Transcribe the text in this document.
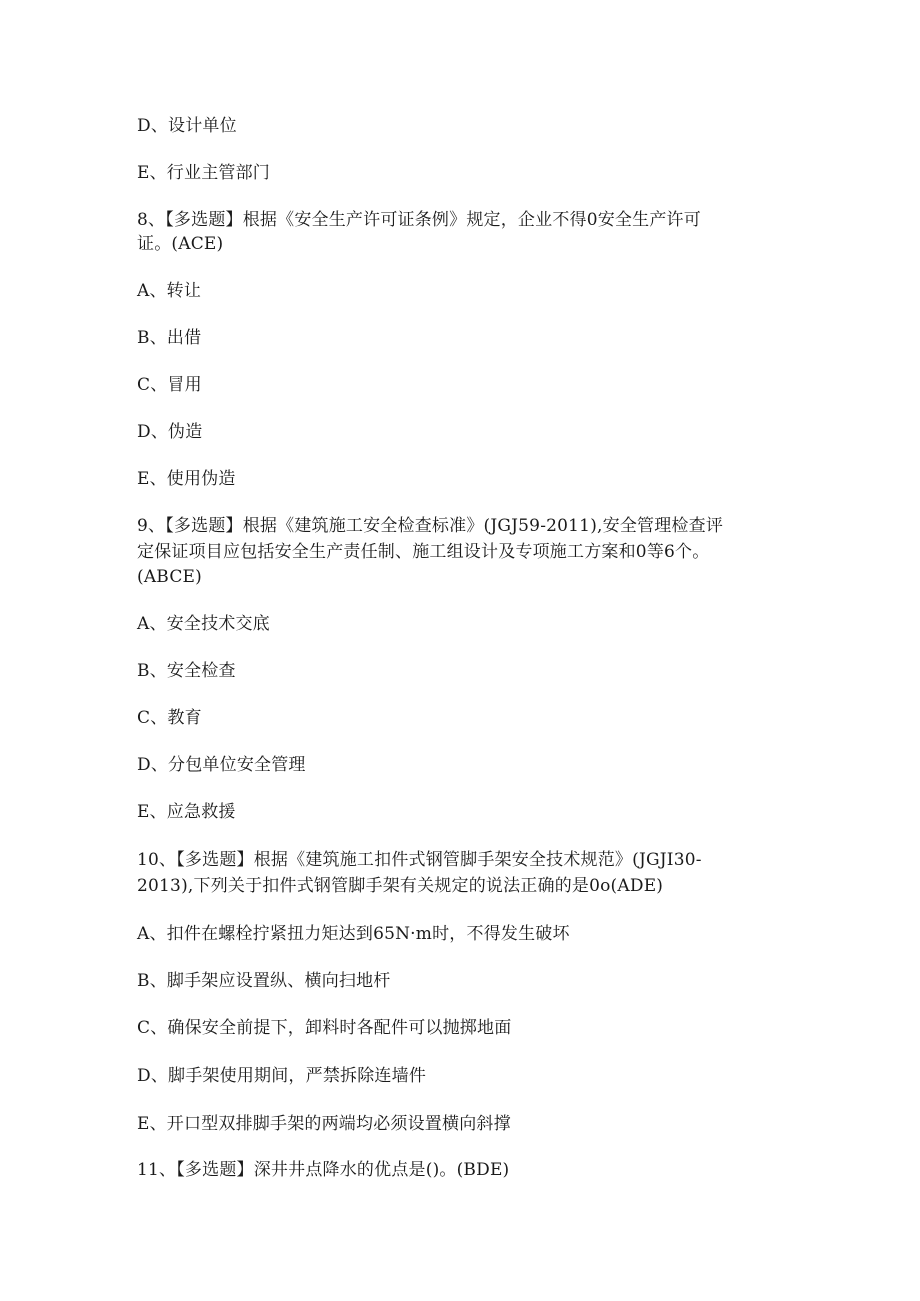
D、设计单位
E、行业主管部门
8、【多选题】根据《安全生产许可证条例》规定，企业不得0安全生产许可
证。(ACE)
A、转让
B、出借
C、冒用
D、伪造
E、使用伪造
9、【多选题】根据《建筑施工安全检查标准》(JGJ59-2011),安全管理检查评
定保证项目应包括安全生产责任制、施工组设计及专项施工方案和0等6个。
(ABCE)
A、安全技术交底
B、安全检查
C、教育
D、分包单位安全管理
E、应急救援
10、【多选题】根据《建筑施工扣件式钢管脚手架安全技术规范》(JGJI30-
2013),下列关于扣件式钢管脚手架有关规定的说法正确的是0o(ADE)
A、扣件在螺栓拧紧扭力矩达到65N·m时，不得发生破坏
B、脚手架应设置纵、横向扫地杆
C、确保安全前提下，卸料时各配件可以抛掷地面
D、脚手架使用期间，严禁拆除连墙件
E、开口型双排脚手架的两端均必须设置横向斜撑
11、【多选题】深井井点降水的优点是()。(BDE)
